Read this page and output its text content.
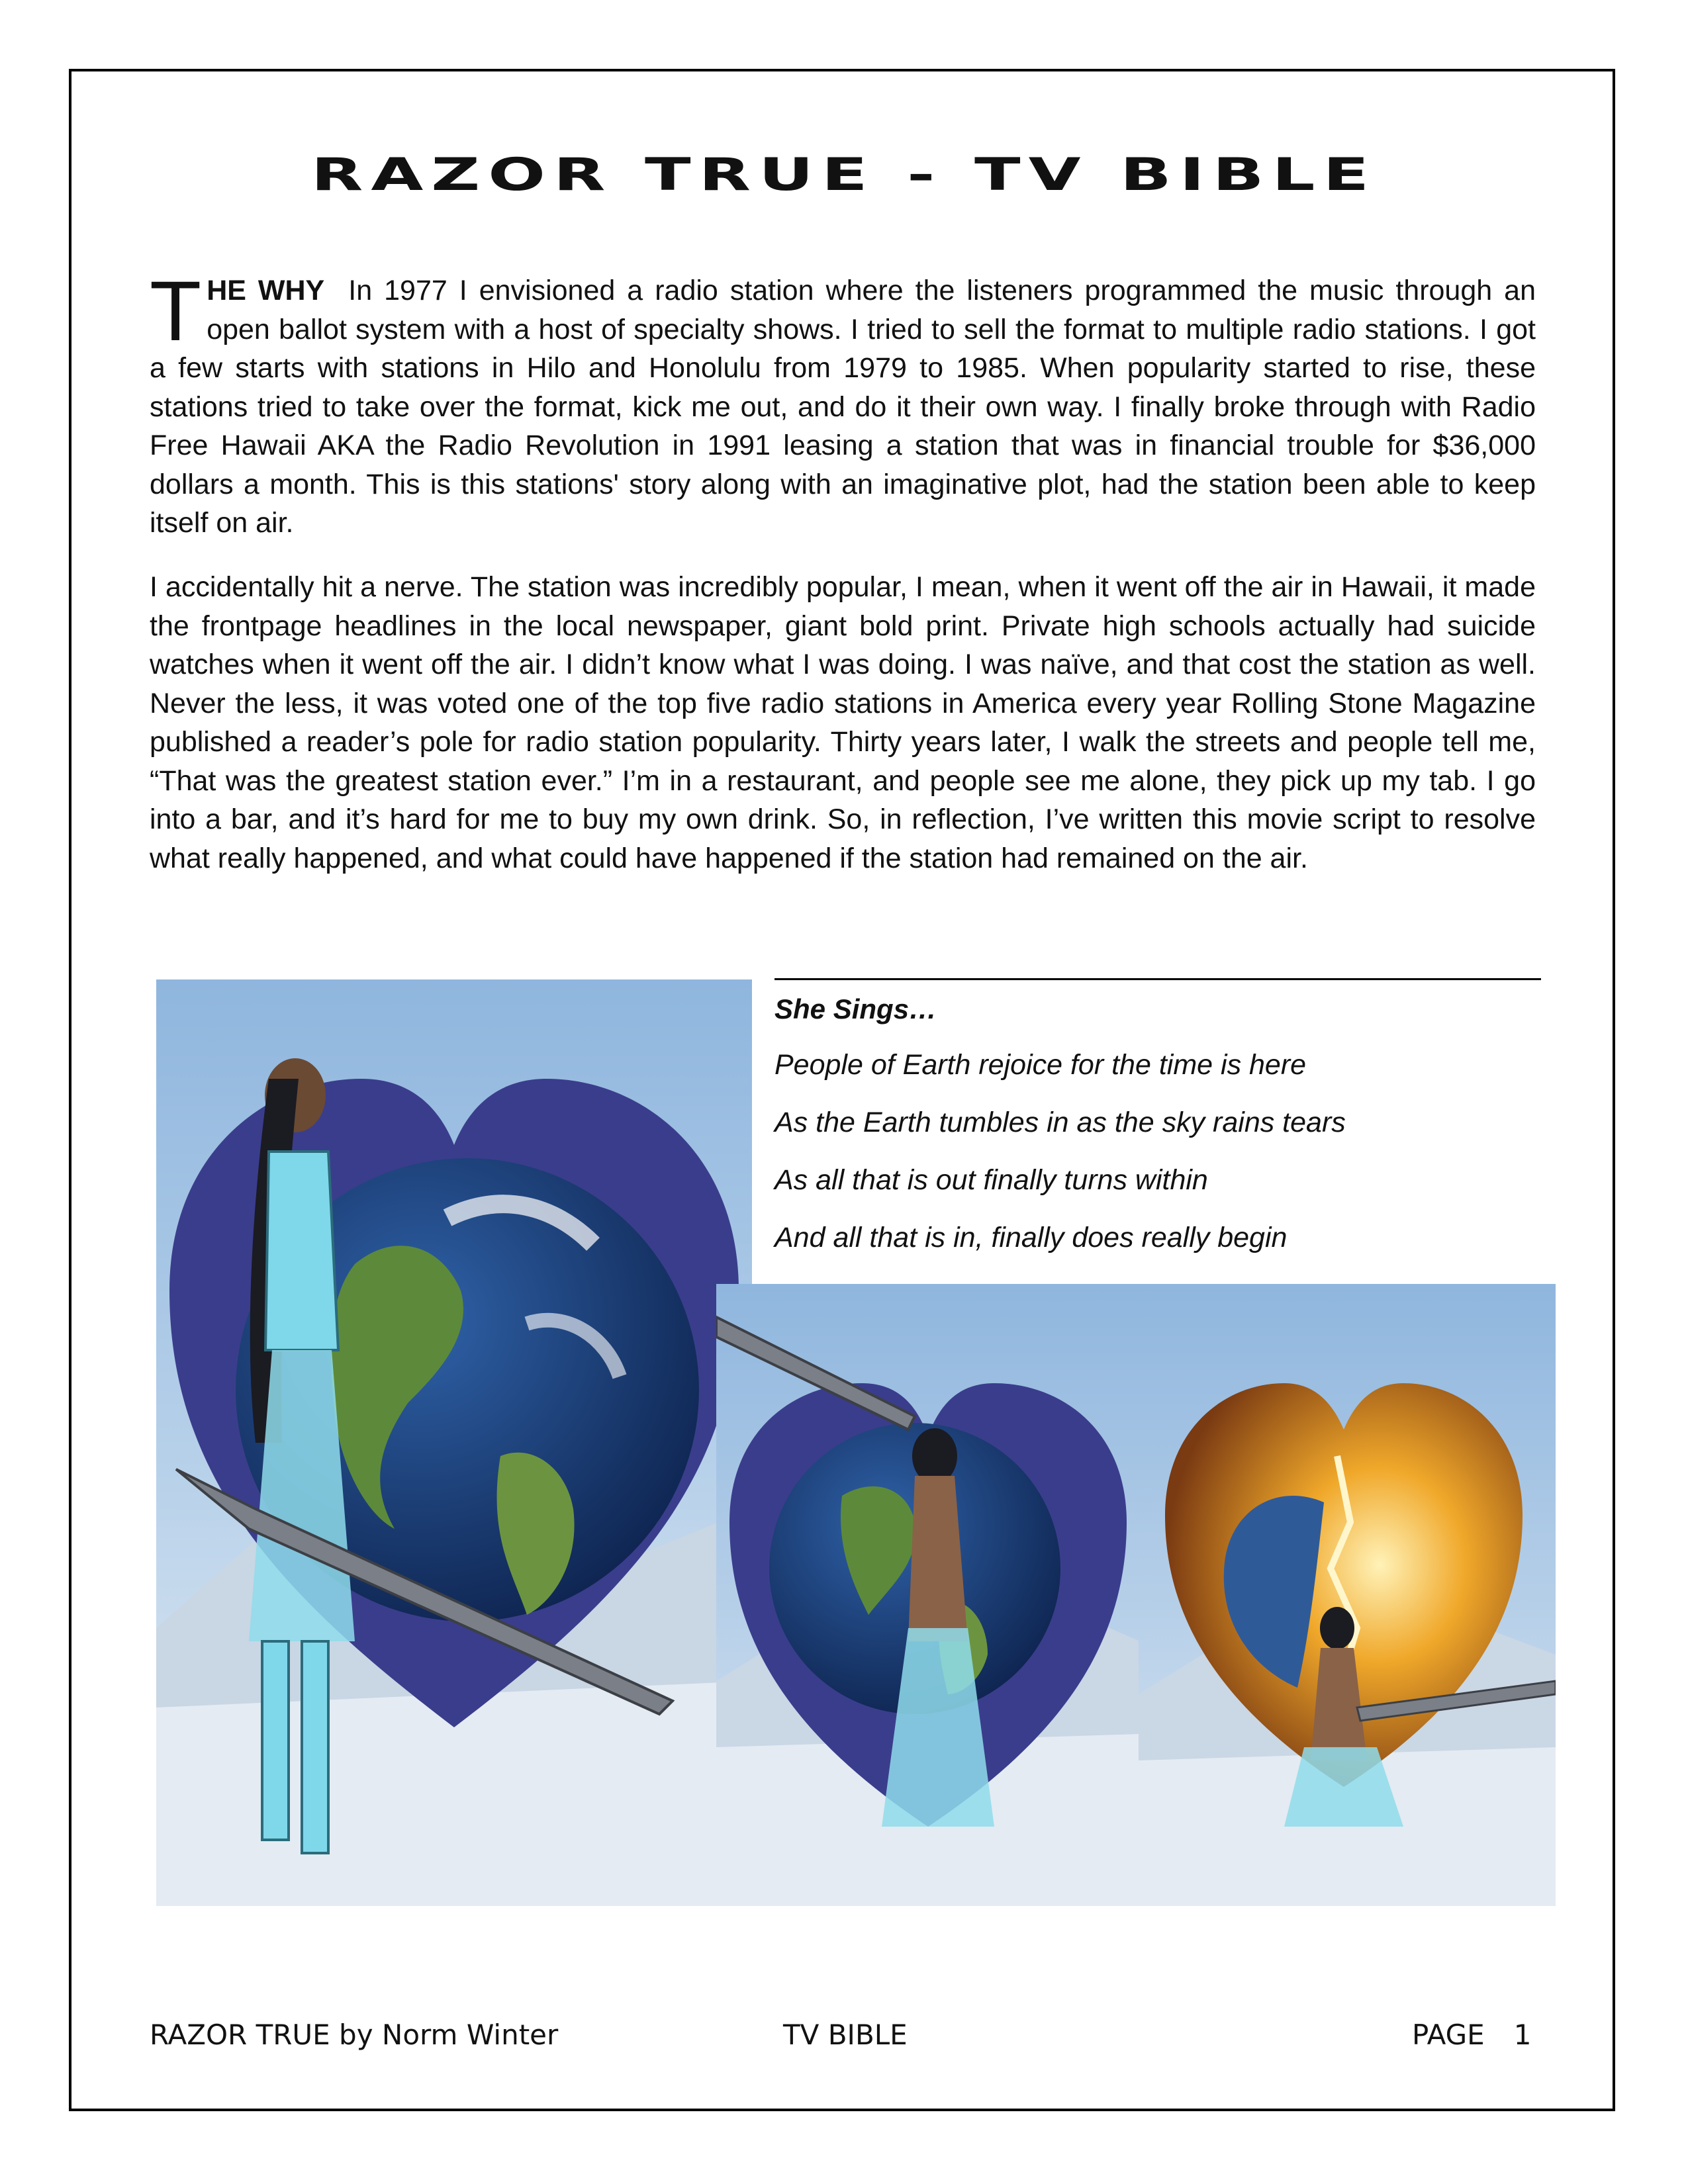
RAZOR TRUE - TV BIBLE
T HE WHY In 1977 I envisioned a radio station where the listeners programmed the music through an open ballot system with a host of specialty shows. I tried to sell the format to multiple radio stations. I got a few starts with stations in Hilo and Honolulu from 1979 to 1985. When popularity started to rise, these stations tried to take over the format, kick me out, and do it their own way. I finally broke through with Radio Free Hawaii AKA the Radio Revolution in 1991 leasing a station that was in financial trouble for $36,000 dollars a month. This is this stations' story along with an imaginative plot, had the station been able to keep itself on air.
I accidentally hit a nerve. The station was incredibly popular, I mean, when it went off the air in Hawaii, it made the frontpage headlines in the local newspaper, giant bold print. Private high schools actually had suicide watches when it went off the air. I didn’t know what I was doing. I was naïve, and that cost the station as well. Never the less, it was voted one of the top five radio stations in America every year Rolling Stone Magazine published a reader’s pole for radio station popularity. Thirty years later, I walk the streets and people tell me, “That was the greatest station ever.” I’m in a restaurant, and people see me alone, they pick up my tab. I go into a bar, and it’s hard for me to buy my own drink. So, in reflection, I’ve written this movie script to resolve what really happened, and what could have happened if the station had remained on the air.
She Sings…
People of Earth rejoice for the time is here
As the Earth tumbles in as the sky rains tears
As all that is out finally turns within
And all that is in, finally does really begin
RAZOR TRUE by Norm Winter	TV BIBLE	PAGE 1
